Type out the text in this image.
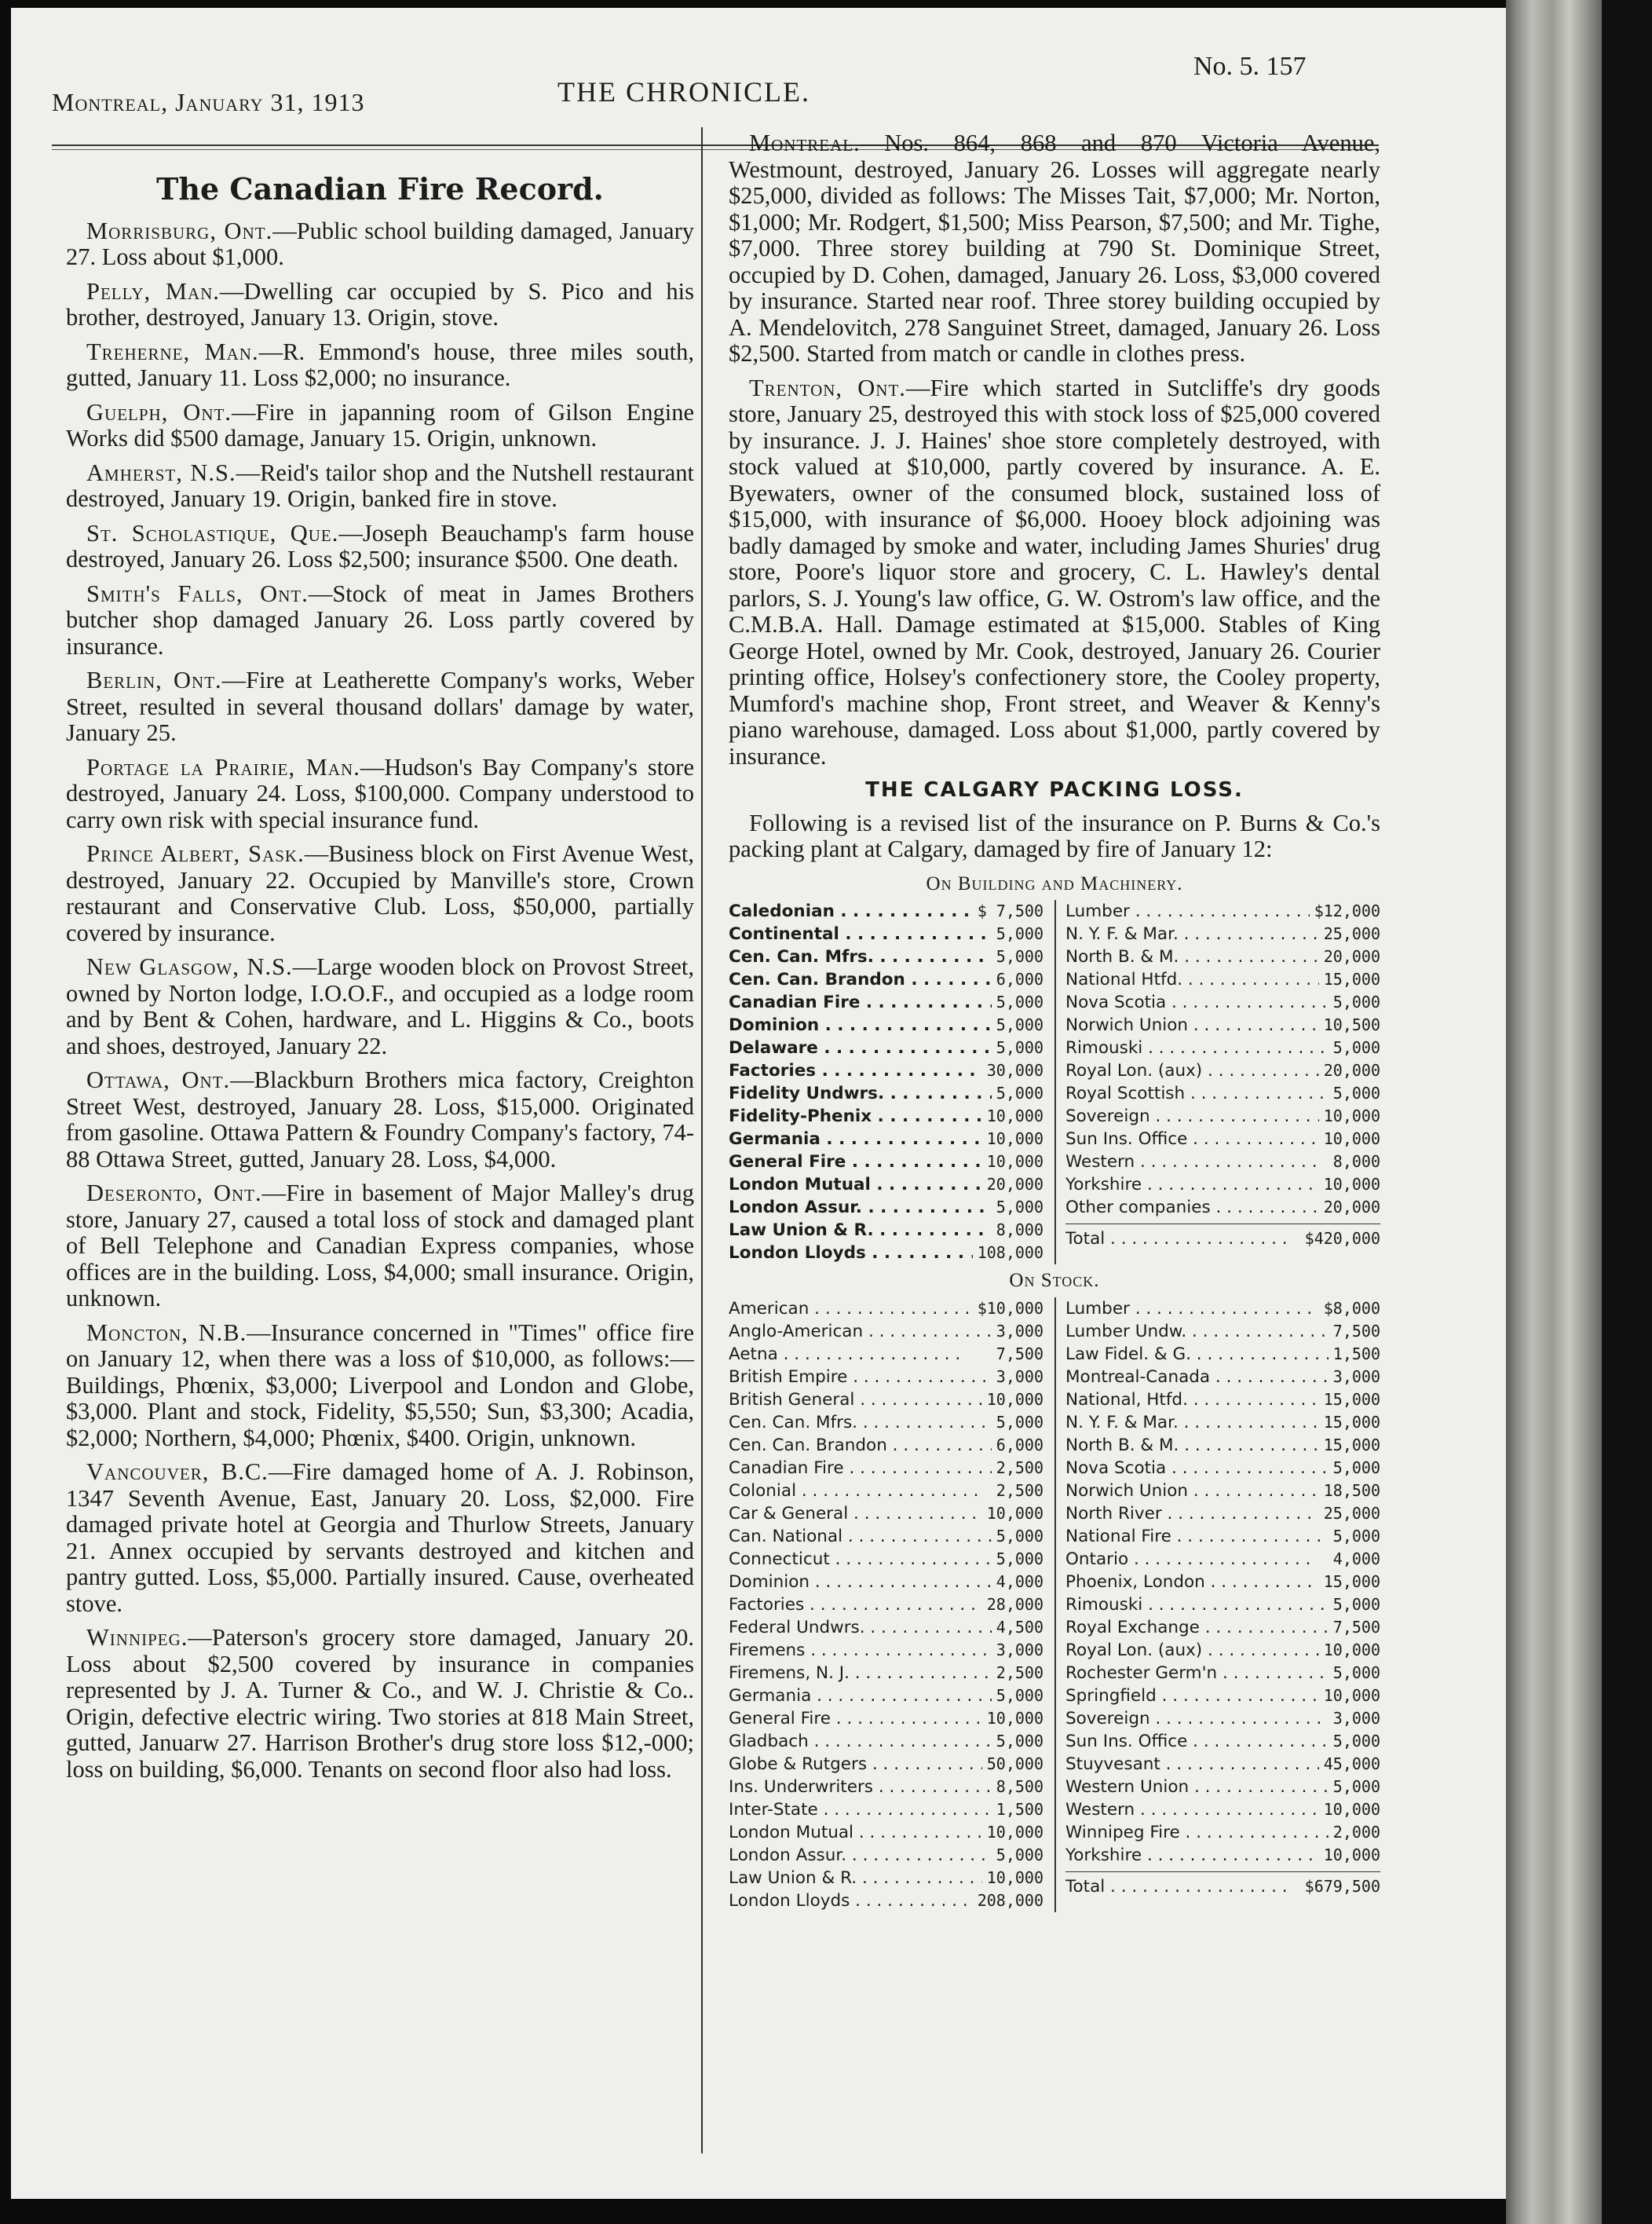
Montreal, January 31, 1913	THE CHRONICLE.
No. 5. 157
The Canadian Fire Record.

Morrisburg, Ont.—Public school building damaged, January 27. Loss about $1,000.

Pelly, Man.—Dwelling car occupied by S. Pico and his brother, destroyed, January 13. Origin, stove.

Treherne, Man.—R. Emmond's house, three miles south, gutted, January 11. Loss $2,000; no insurance.

Guelph, Ont.—Fire in japanning room of Gilson Engine Works did $500 damage, January 15. Origin, unknown.

Amherst, N.S.—Reid's tailor shop and the Nutshell restaurant destroyed, January 19. Origin, banked fire in stove.

St. Scholastique, Que.—Joseph Beauchamp's farm house destroyed, January 26. Loss $2,500; insurance $500. One death.

Smith's Falls, Ont.—Stock of meat in James Brothers butcher shop damaged January 26. Loss partly covered by insurance.

Berlin, Ont.—Fire at Leatherette Company's works, Weber Street, resulted in several thousand dollars' damage by water, January 25.

Portage la Prairie, Man.—Hudson's Bay Company's store destroyed, January 24. Loss, $100,000. Company understood to carry own risk with special insurance fund.

Prince Albert, Sask.—Business block on First Avenue West, destroyed, January 22. Occupied by Manville's store, Crown restaurant and Conservative Club. Loss, $50,000, partially covered by insurance.

New Glasgow, N.S.—Large wooden block on Provost Street, owned by Norton lodge, I.O.O.F., and occupied as a lodge room and by Bent & Cohen, hardware, and L. Higgins & Co., boots and shoes, destroyed, January 22.

Ottawa, Ont.—Blackburn Brothers mica factory, Creighton Street West, destroyed, January 28. Loss, $15,000. Originated from gasoline. Ottawa Pattern & Foundry Company's factory, 74-88 Ottawa Street, gutted, January 28. Loss, $4,000.

Deseronto, Ont.—Fire in basement of Major Malley's drug store, January 27, caused a total loss of stock and damaged plant of Bell Telephone and Canadian Express companies, whose offices are in the building. Loss, $4,000; small insurance. Origin, unknown.

Moncton, N.B.—Insurance concerned in "Times" office fire on January 12, when there was a loss of $10,000, as follows:—Buildings, Phœnix, $3,000; Liverpool and London and Globe, $3,000. Plant and stock, Fidelity, $5,550; Sun, $3,300; Acadia, $2,000; Northern, $4,000; Phœnix, $400. Origin, unknown.

Vancouver, B.C.—Fire damaged home of A. J. Robinson, 1347 Seventh Avenue, East, January 20. Loss, $2,000. Fire damaged private hotel at Georgia and Thurlow Streets, January 21. Annex occupied by servants destroyed and kitchen and pantry gutted. Loss, $5,000. Partially insured. Cause, overheated stove.

Winnipeg.—Paterson's grocery store damaged, January 20. Loss about $2,500 covered by insurance in companies represented by J. A. Turner & Co., and W. J. Christie & Co.. Origin, defective electric wiring. Two stories at 818 Main Street, gutted, Januarw 27. Harrison Brother's drug store loss $12,-000; loss on building, $6,000. Tenants on second floor also had loss.

Montreal.—Nos. 864, 868 and 870 Victoria Avenue, Westmount, destroyed, January 26. Losses will aggregate nearly $25,000, divided as follows: The Misses Tait, $7,000; Mr. Norton, $1,000; Mr. Rodgert, $1,500; Miss Pearson, $7,500; and Mr. Tighe, $7,000. Three storey building at 790 St. Dominique Street, occupied by D. Cohen, damaged, January 26. Loss, $3,000 covered by insurance. Started near roof. Three storey building occupied by A. Mendelovitch, 278 Sanguinet Street, damaged, January 26. Loss $2,500. Started from match or candle in clothes press.

Trenton, Ont.—Fire which started in Sutcliffe's dry goods store, January 25, destroyed this with stock loss of $25,000 covered by insurance. J. J. Haines' shoe store completely destroyed, with stock valued at $10,000, partly covered by insurance. A. E. Byewaters, owner of the consumed block, sustained loss of $15,000, with insurance of $6,000. Hooey block adjoining was badly damaged by smoke and water, including James Shuries' drug store, Poore's liquor store and grocery, C. L. Hawley's dental parlors, S. J. Young's law office, G. W. Ostrom's law office, and the C.M.B.A. Hall. Damage estimated at $15,000. Stables of King George Hotel, owned by Mr. Cook, destroyed, January 26. Courier printing office, Holsey's confectionery store, the Cooley property, Mumford's machine shop, Front street, and Weaver & Kenny's piano warehouse, damaged. Loss about $1,000, partly covered by insurance.

THE CALGARY PACKING LOSS.

Following is a revised list of the insurance on P. Burns & Co.'s packing plant at Calgary, damaged by fire of January 12:

On Building and Machinery.
Caledonian . . .	$ 7,500
Continental . . .	5,000
Cen. Can. Mfrs. . . .	5,000
Cen. Can. Brandon . . .	6,000
Canadian Fire . . .	5,000
Dominion . . .	5,000
Delaware . . .	5,000
Factories . . .	30,000
Fidelity Undwrs. . . .	5,000
Fidelity-Phenix . . .	10,000
Germania . . .	10,000
General Fire . . .	10,000
London Mutual . . .	20,000
London Assur. . . .	5,000
Law Union & R. . . .	8,000
London Lloyds . . .	108,000
Lumber . . .	$12,000
N. Y. F. & Mar. . . .	25,000
North B. & M. . . .	20,000
National Htfd. . . .	15,000
Nova Scotia . . .	5,000
Norwich Union . . .	10,500
Rimouski . . .	5,000
Royal Lon. (aux) . . .	20,000
Royal Scottish . . .	5,000
Sovereign . . .	10,000
Sun Ins. Office . . .	10,000
Western . . .	8,000
Yorkshire . . .	10,000
Other companies . . .	20,000
Total . . .	$420,000
On Stock.
American . . .	$10,000
Anglo-American . . .	3,000
Aetna . . .	7,500
British Empire . . .	3,000
British General . . .	10,000
Cen. Can. Mfrs. . . .	5,000
Cen. Can. Brandon . . .	6,000
Canadian Fire . . .	2,500
Colonial . . .	2,500
Car & General . . .	10,000
Can. National . . .	5,000
Connecticut . . .	5,000
Dominion . . .	4,000
Factories . . .	28,000
Federal Undwrs. . . .	4,500
Firemens . . .	3,000
Firemens, N. J. . . .	2,500
Germania . . .	5,000
General Fire . . .	10,000
Gladbach . . .	5,000
Globe & Rutgers . . .	50,000
Ins. Underwriters . . .	8,500
Inter-State . . .	1,500
London Mutual . . .	10,000
London Assur. . . .	5,000
Law Union & R. . . .	10,000
London Lloyds . . .	208,000
Lumber . . .	$8,000
Lumber Undw. . . .	7,500
Law Fidel. & G. . . .	1,500
Montreal-Canada . . .	3,000
National, Htfd. . . .	15,000
N. Y. F. & Mar. . . .	15,000
North B. & M. . . .	15,000
Nova Scotia . . .	5,000
Norwich Union . . .	18,500
North River . . .	25,000
National Fire . . .	5,000
Ontario . . .	4,000
Phoenix, London . . .	15,000
Rimouski . . .	5,000
Royal Exchange . . .	7,500
Royal Lon. (aux) . . .	10,000
Rochester Germ'n . . .	5,000
Springfield . . .	10,000
Sovereign . . .	3,000
Sun Ins. Office . . .	5,000
Stuyvesant . . .	45,000
Western Union . . .	5,000
Western . . .	10,000
Winnipeg Fire . . .	2,000
Yorkshire . . .	10,000
Total . . .	$679,500
